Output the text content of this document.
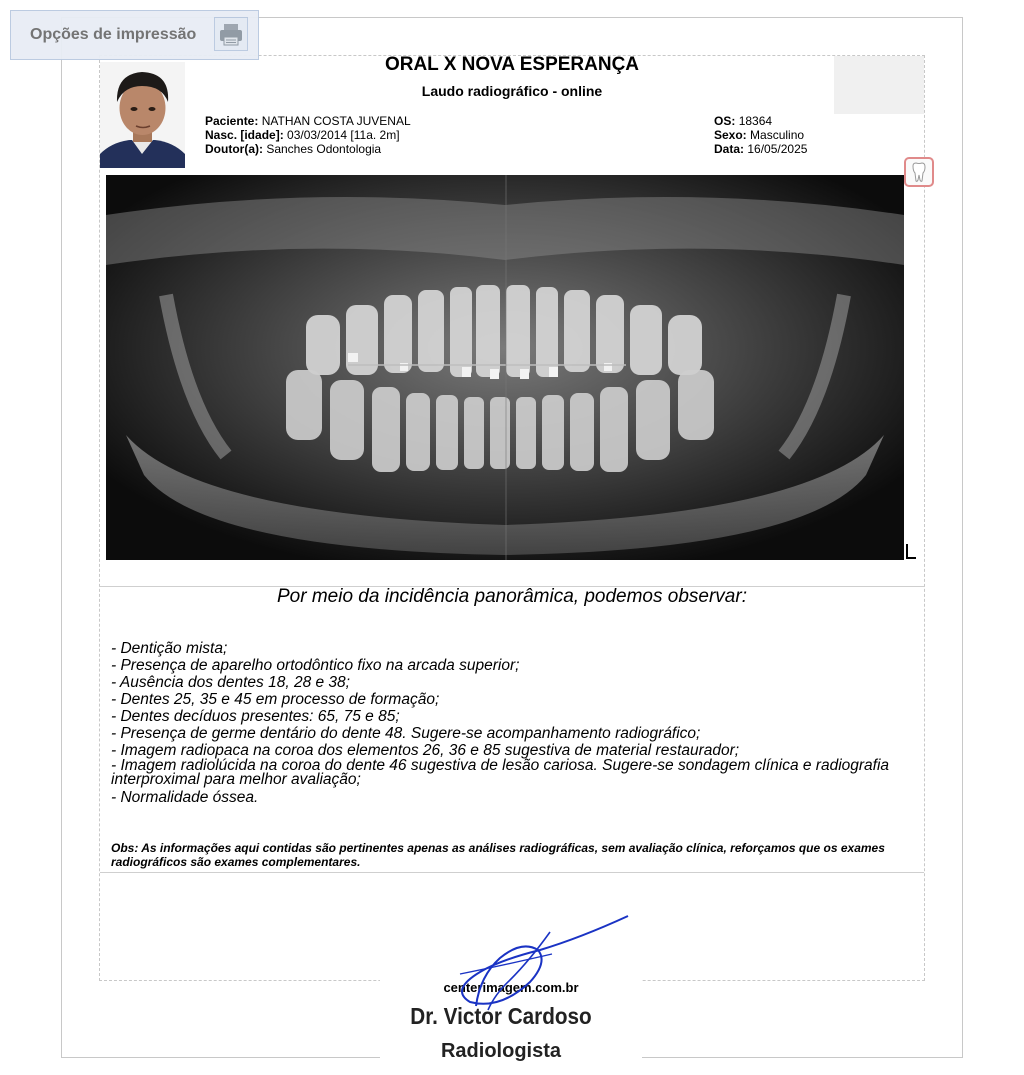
Opções de impressão
ORAL X NOVA ESPERANÇA
Laudo radiográfico - online
Paciente: NATHAN COSTA JUVENAL
Nasc. [idade]: 03/03/2014 [11a. 2m]
Doutor(a): Sanches Odontologia
OS: 18364
Sexo: Masculino
Data: 16/05/2025
Por meio da incidência panorâmica, podemos observar:
- Dentição mista;
- Presença de aparelho ortodôntico fixo na arcada superior;
- Ausência dos dentes 18, 28 e 38;
- Dentes 25, 35 e 45 em processo de formação;
- Dentes decíduos presentes: 65, 75 e 85;
- Presença de germe dentário do dente 48. Sugere-se acompanhamento radiográfico;
- Imagem radiopaca na coroa dos elementos 26, 36 e 85 sugestiva de material restaurador;
- Imagem radiolúcida na coroa do dente 46 sugestiva de lesão cariosa. Sugere-se sondagem clínica e radiografia interproximal para melhor avaliação;
- Normalidade óssea.
Obs: As informações aqui contidas são pertinentes apenas as análises radiográficas, sem avaliação clínica, reforçamos que os exames radiográficos são exames complementares.
centerimagem.com.br
Dr. Victor Cardoso
Radiologista
